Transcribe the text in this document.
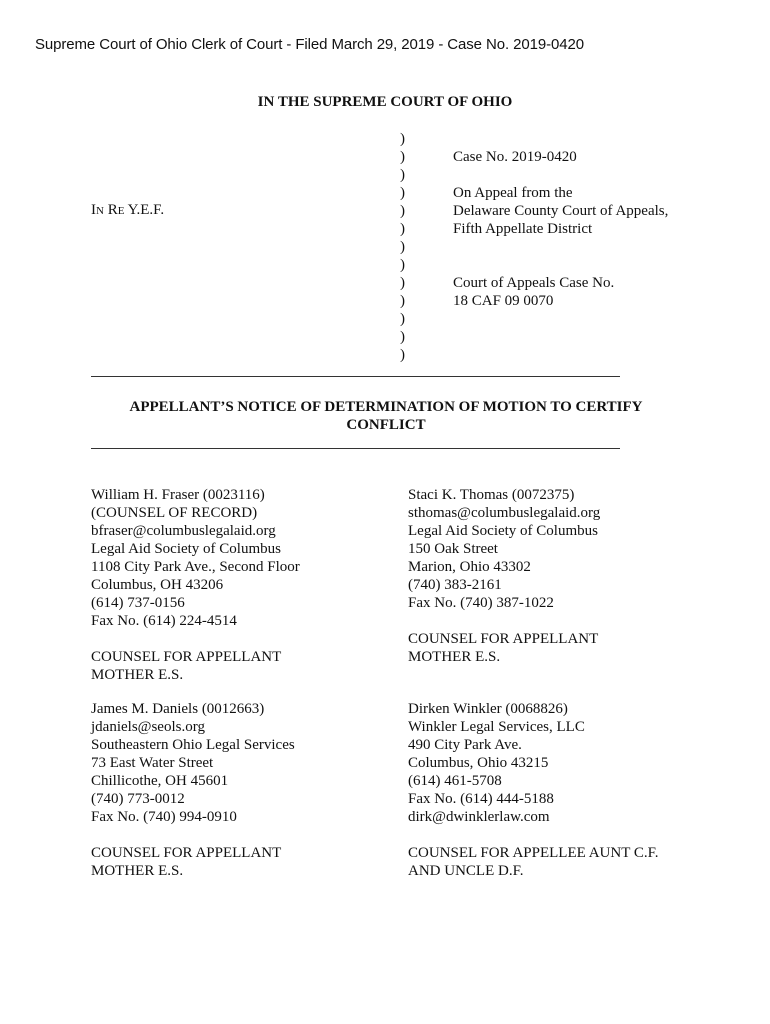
Supreme Court of Ohio Clerk of Court - Filed March 29, 2019 - Case No. 2019-0420
IN THE SUPREME COURT OF OHIO
In Re Y.E.F.
)
)
)
)
)
)
)
)
)
)
)
)
)
Case No. 2019-0420
On Appeal from the
Delaware County Court of Appeals,
Fifth Appellate District
Court of Appeals Case No.
18 CAF 09 0070
APPELLANT’S NOTICE OF DETERMINATION OF MOTION TO CERTIFY
CONFLICT
William H. Fraser (0023116)
(COUNSEL OF RECORD)
bfraser@columbuslegalaid.org
Legal Aid Society of Columbus
1108 City Park Ave., Second Floor
Columbus, OH 43206
(614) 737-0156
Fax No. (614) 224-4514
COUNSEL FOR APPELLANT
MOTHER E.S.
Staci K. Thomas (0072375)
sthomas@columbuslegalaid.org
Legal Aid Society of Columbus
150 Oak Street
Marion, Ohio 43302
(740) 383-2161
Fax No. (740) 387-1022
COUNSEL FOR APPELLANT
MOTHER E.S.
James M. Daniels (0012663)
jdaniels@seols.org
Southeastern Ohio Legal Services
73 East Water Street
Chillicothe, OH 45601
(740) 773-0012
Fax No. (740) 994-0910
COUNSEL FOR APPELLANT
MOTHER E.S.
Dirken Winkler (0068826)
Winkler Legal Services, LLC
490 City Park Ave.
Columbus, Ohio 43215
(614) 461-5708
Fax No. (614) 444-5188
dirk@dwinklerlaw.com
COUNSEL FOR APPELLEE AUNT C.F.
AND UNCLE D.F.
